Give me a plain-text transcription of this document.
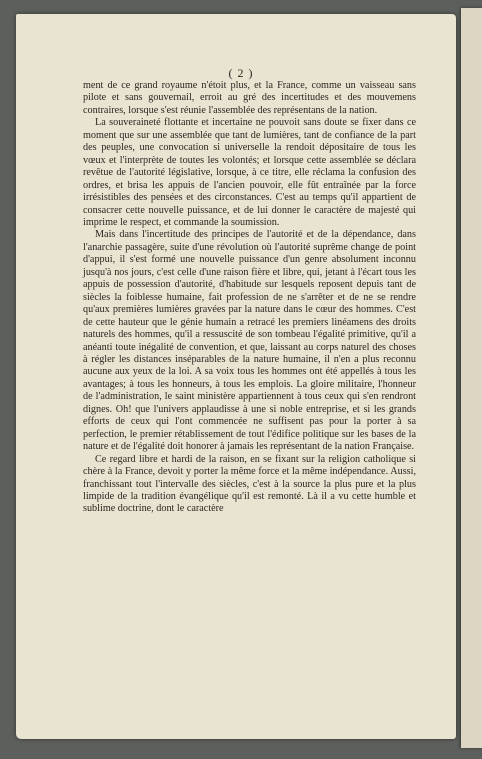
( 2 )

ment de ce grand royaume n'étoit plus, et la France, comme un vaisseau sans pilote et sans gouvernail, erroit au gré des incertitudes et des mouvemens contraires, lorsque s'est réunie l'assemblée des représentans de la nation.

La souveraineté flottante et incertaine ne pouvoit sans doute se fixer dans ce moment que sur une assemblée que tant de lumières, tant de confiance de la part des peuples, une convocation si universelle la rendoit dépositaire de tous les vœux et l'interprète de toutes les volontés; et lorsque cette assemblée se déclara revêtue de l'autorité législative, lorsque, à ce titre, elle réclama la confusion des ordres, et brisa les appuis de l'ancien pouvoir, elle fût entraînée par la force irrésistibles des pensées et des circonstances. C'est au temps qu'il appartient de consacrer cette nouvelle puissance, et de lui donner le caractère de majesté qui imprime le respect, et commande la soumission.

Mais dans l'incertitude des principes de l'autorité et de la dépendance, dans l'anarchie passagère, suite d'une révolution où l'autorité suprême change de point d'appui, il s'est formé une nouvelle puissance d'un genre absolument inconnu jusqu'à nos jours, c'est celle d'une raison fière et libre, qui, jetant à l'écart tous les appuis de possession d'autorité, d'habitude sur lesquels reposent depuis tant de siècles la foiblesse humaine, fait profession de ne s'arrêter et de ne se rendre qu'aux premières lumières gravées par la nature dans le cœur des hommes. C'est de cette hauteur que le génie humain a retracé les premiers linéamens des droits naturels des hommes, qu'il a ressuscité de son tombeau l'égalité primitive, qu'il a anéanti toute inégalité de convention, et que, laissant au corps naturel des choses à régler les distances inséparables de la nature humaine, il n'en a plus reconnu aucune aux yeux de la loi. A sa voix tous les hommes ont été appellés à tous les avantages; à tous les honneurs, à tous les emplois. La gloire militaire, l'honneur de l'administration, le saint ministère appartiennent à tous ceux qui s'en rendront dignes. Oh! que l'univers applaudisse à une si noble entreprise, et si les grands efforts de ceux qui l'ont commencée ne suffisent pas pour la porter à sa perfection, le premier rétablissement de tout l'édifice politique sur les bases de la nature et de l'égalité doit honorer à jamais les représentant de la nation Française.

Ce regard libre et hardi de la raison, en se fixant sur la religion catholique si chère à la France, devoit y porter la même force et la même indépendance. Aussi, franchissant tout l'intervalle des siècles, c'est à la source la plus pure et la plus limpide de la tradition évangélique qu'il est remonté. Là il a vu cette humble et sublime doctrine, dont le caractère
